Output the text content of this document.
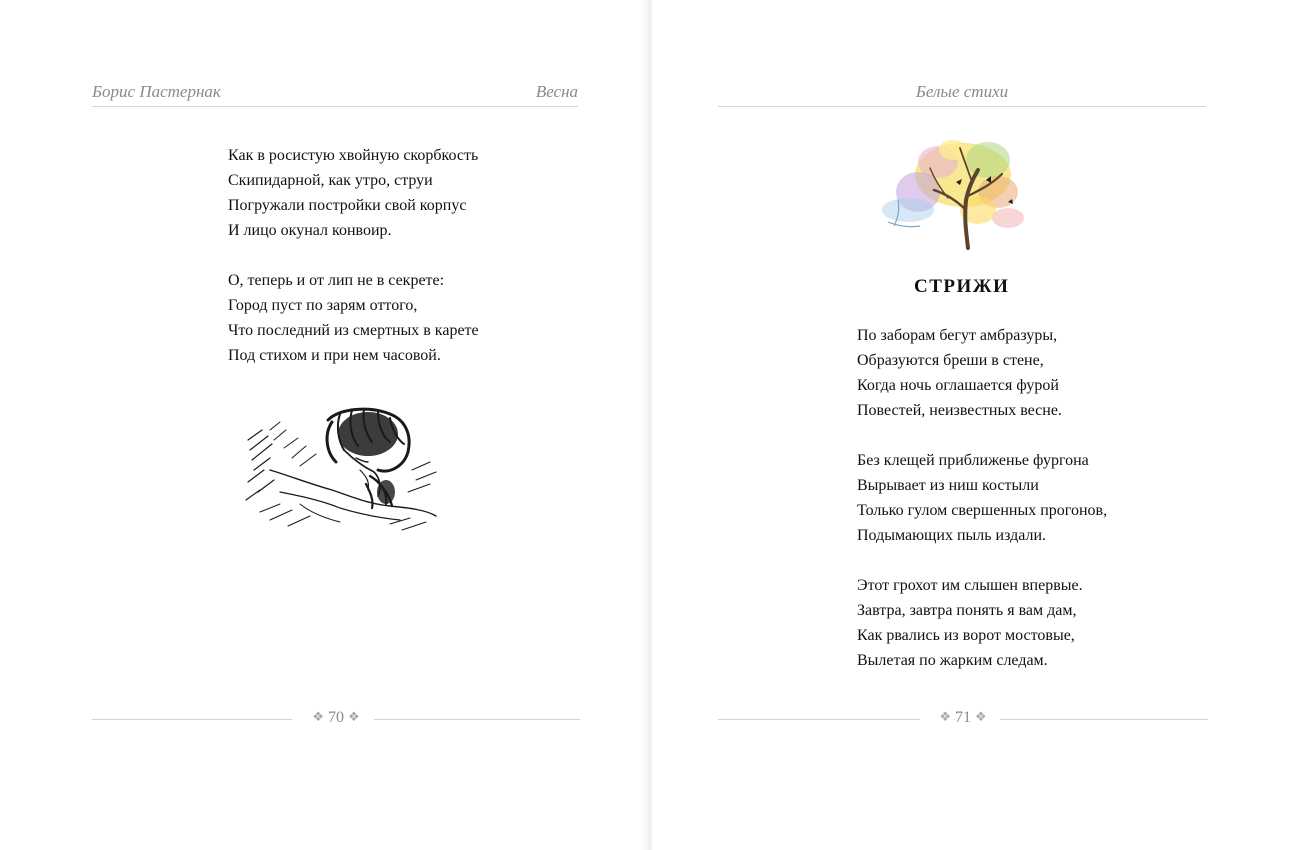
Борис Пастернак	Весна
Как в росистую хвойную скорбкость
Скипидарной, как утро, струи
Погружали постройки свой корпус
И лицо окунал конвоир.
О, теперь и от лип не в секрете:
Город пуст по зарям оттого,
Что последний из смертных в карете
Под стихом и при нем часовой.
❖ 70 ❖
Белые стихи
СТРИЖИ
По заборам бегут амбразуры,
Образуются бреши в стене,
Когда ночь оглашается фурой
Повестей, неизвестных весне.
Без клещей приближенье фургона
Вырывает из ниш костыли
Только гулом свершенных прогонов,
Подымающих пыль издали.
Этот грохот им слышен впервые.
Завтра, завтра понять я вам дам,
Как рвались из ворот мостовые,
Вылетая по жарким следам.
❖ 71 ❖
